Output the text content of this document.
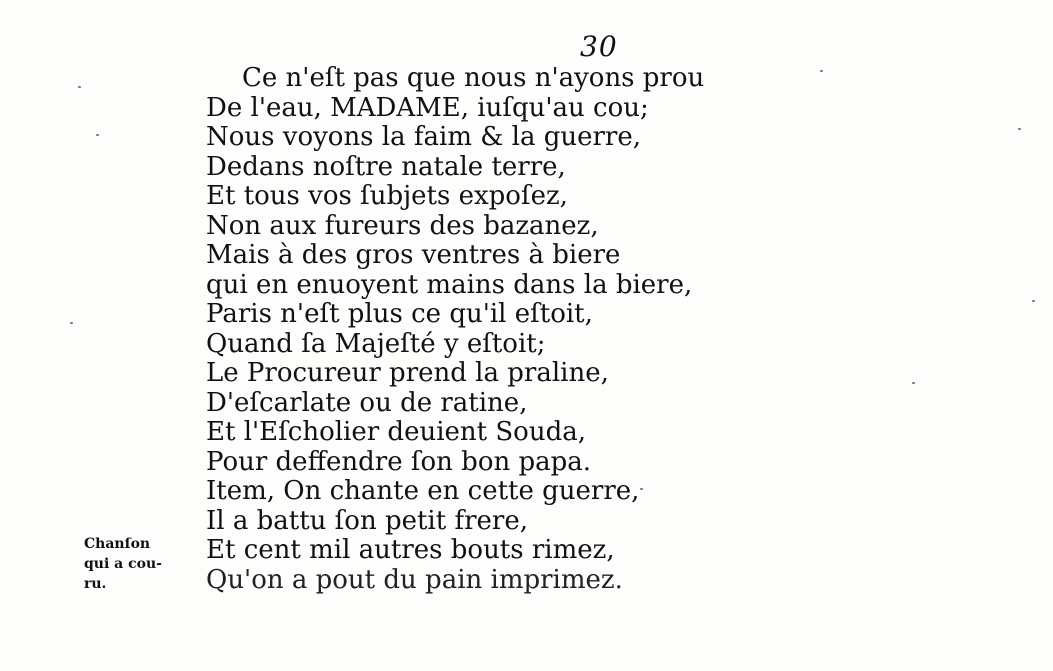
30
Ce n'eſt pas que nous n'ayons prou
De l'eau, MADAME, iuſqu'au cou;
Nous voyons la faim & la guerre,
Dedans noſtre natale terre,
Et tous vos ſubjets expoſez,
Non aux fureurs des bazanez,
Mais à des gros ventres à biere
qui en enuoyent mains dans la biere,
Paris n'eſt plus ce qu'il eſtoit,
Quand ſa Majeſté y eſtoit;
Le Procureur prend la praline,
D'eſcarlate ou de ratine,
Et l'Eſcholier deuient Souda,
Pour deffendre ſon bon papa.
Item, On chante en cette guerre,
Il a battu ſon petit frere,
Et cent mil autres bouts rimez,
Qu'on a pout du pain imprimez.
Chanſon
qui a cou-
ru.
